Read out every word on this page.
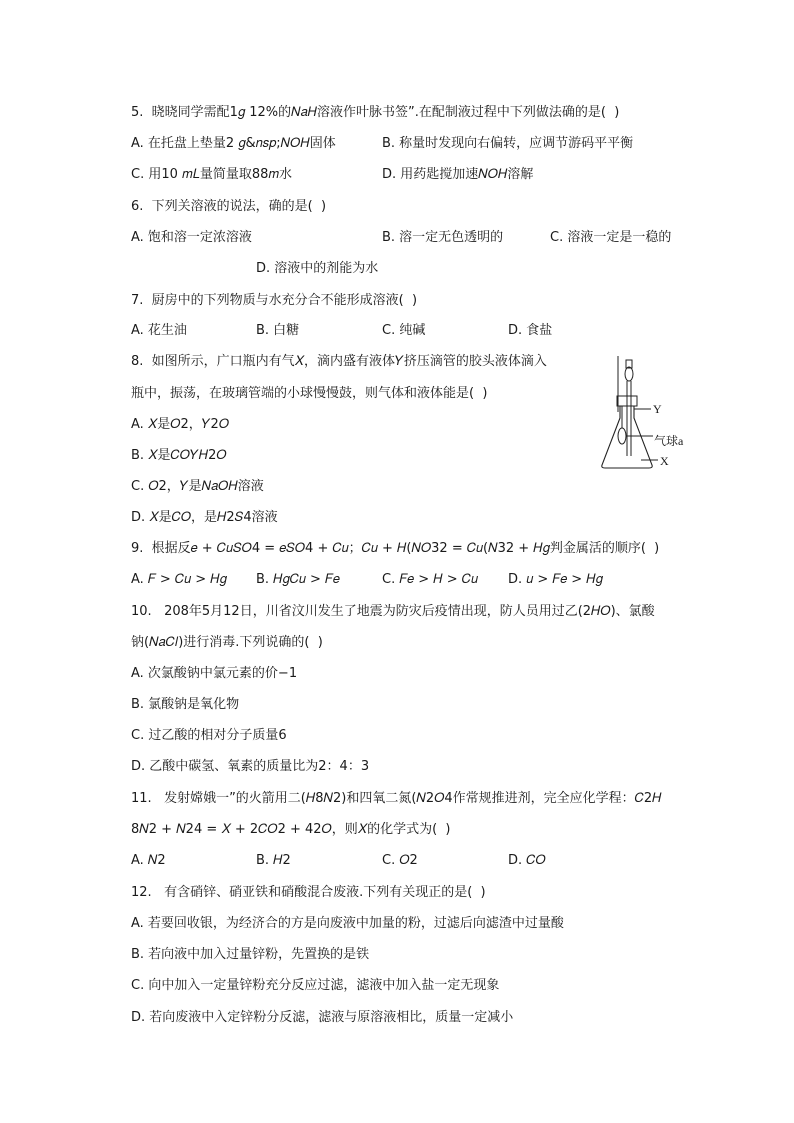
5.  晓晓同学需配1𝑔 12%的𝑁𝑎𝐻溶液作叶脉书签”.在配制液过程中下列做法确的是(  )
A. 在托盘上垫量2 𝑔&𝑛𝑠𝑝;𝑁𝑂𝐻固体	B. 称量时发现向右偏转，应调节游码平平衡
C. 用10 𝑚𝐿量简量取88𝑚水	D. 用药匙搅加速𝑁𝑂𝐻溶解
6.  下列关溶液的说法，确的是(  )
A. 饱和溶一定浓溶液	B. 溶一定无色透明的	C. 溶液一定是一稳的
D. 溶液中的剂能为水
7.  厨房中的下列物质与水充分合不能形成溶液(  )
A. 花生油	B. 白糖	C. 纯碱	D. 食盐
8.  如图所示，广口瓶内有气𝑋，滴内盛有液体𝑌挤压滴管的胶头液体滴入
瓶中，振荡，在玻璃管端的小球慢慢鼓，则气体和液体能是(  )
A. 𝑋是𝑂2，𝑌2𝑂
B. 𝑋是𝐶𝑂𝑌𝐻2𝑂
C. 𝑂2，𝑌是𝑁𝑎𝑂𝐻溶液
D. 𝑋是𝐶𝑂，是𝐻2𝑆4溶液
Y
气球a
X
9.  根据反𝑒 + 𝐶𝑢𝑆𝑂4 = 𝑒𝑆𝑂4 + 𝐶𝑢；𝐶𝑢 + 𝐻(𝑁𝑂32 = 𝐶𝑢(𝑁32 + 𝐻𝑔判金属活的顺序(  )
A. 𝐹 > 𝐶𝑢 > 𝐻𝑔 B. 𝐻𝑔𝐶𝑢 > 𝐹𝑒	C. 𝐹𝑒 > 𝐻 > 𝐶𝑢 D. 𝑢 > 𝐹𝑒 > 𝐻𝑔
10.   208年5月12日，川省汶川发生了地震为防灾后疫情出现，防人员用过乙(2𝐻𝑂)、氯酸
钠(𝑁𝑎𝐶𝑙)进行消毒.下列说确的(  )
A. 次氯酸钠中氯元素的价−1
B. 氯酸钠是氧化物
C. 过乙酸的相对分子质量6
D. 乙酸中碳氢、氧素的质量比为2：4：3
11.   发射嫦娥一”的火箭用二(𝐻8𝑁2)和四氧二氮(𝑁2𝑂4作常规推进剂，完全应化学程：𝐶2𝐻
8𝑁2 + 𝑁24 = 𝑋 + 2𝐶𝑂2 + 42𝑂，则𝑋的化学式为(  )
A. 𝑁2	B. 𝐻2	C. 𝑂2	D. 𝐶𝑂
12.   有含硝锌、硝亚铁和硝酸混合废液.下列有关现正的是(  )
A. 若要回收银，为经济合的方是向废液中加量的粉，过滤后向滤渣中过量酸
B. 若向液中加入过量锌粉，先置换的是铁
C. 向中加入一定量锌粉充分反应过滤，滤液中加入盐一定无现象
D. 若向废液中入定锌粉分反滤，滤液与原溶液相比，质量一定减小
